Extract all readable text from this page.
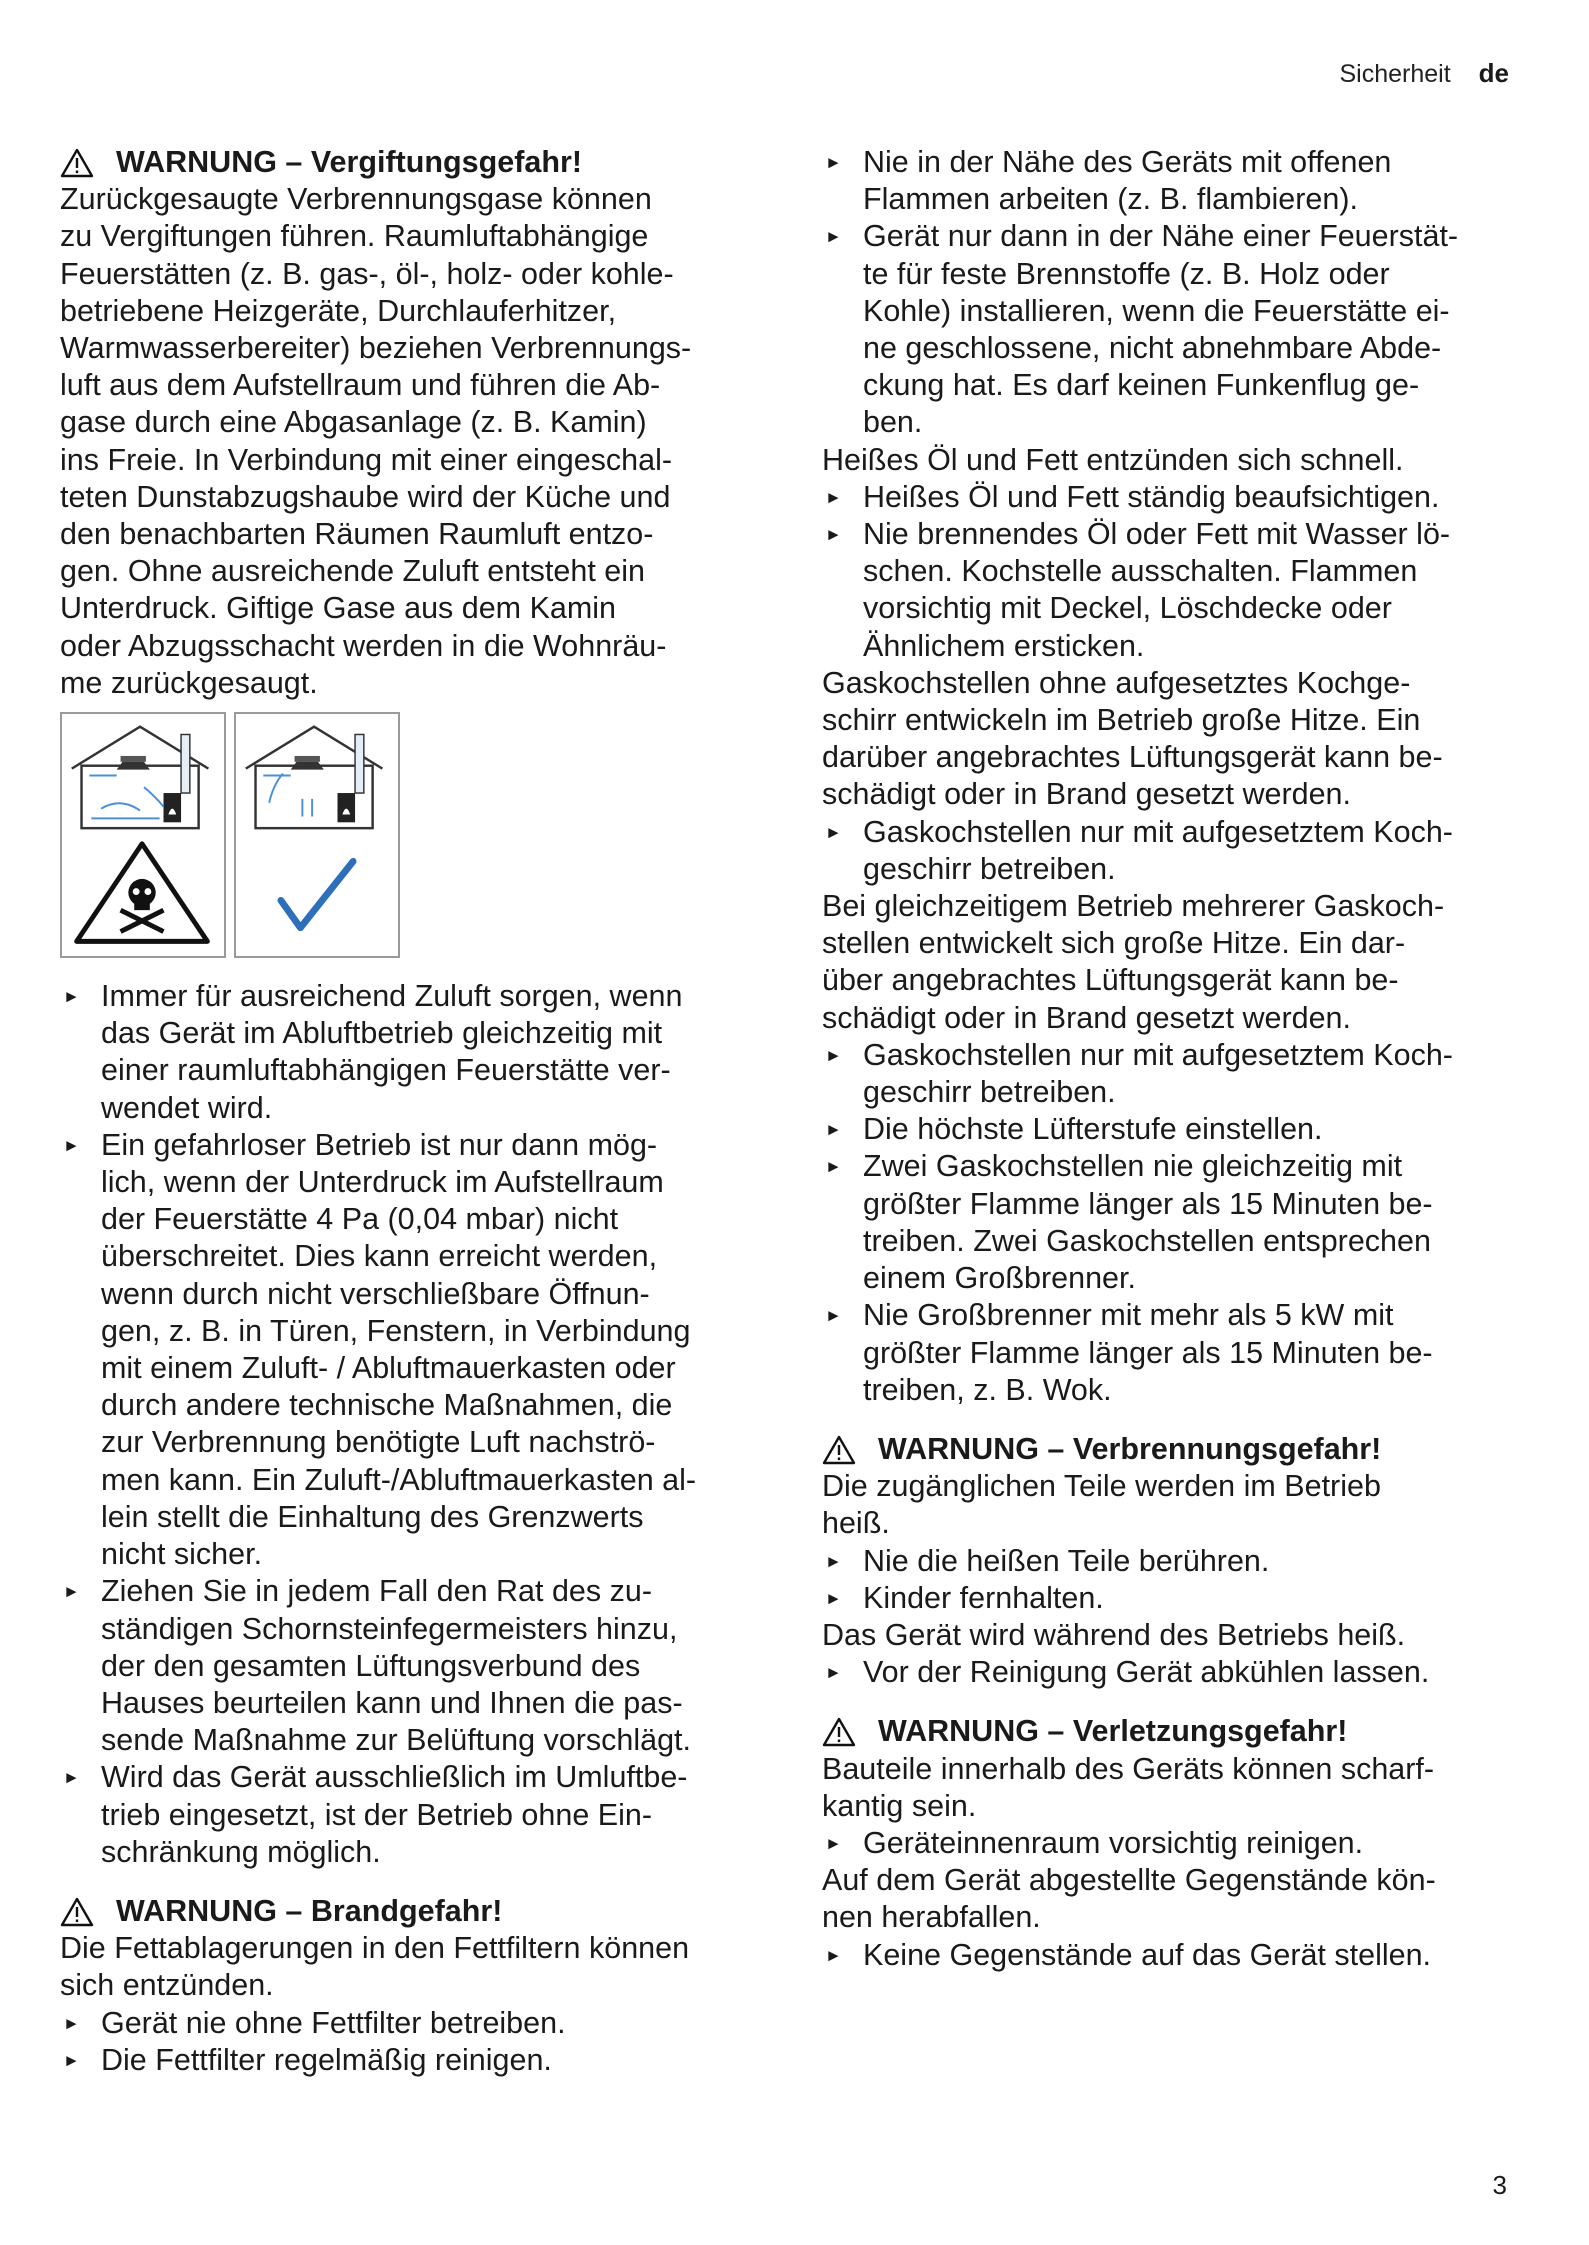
Sicherheit de
WARNUNG – Vergiftungsgefahr!

Zurückgesaugte Verbrennungsgase können
zu Vergiftungen führen. Raumluftabhängige
Feuerstätten (z. B. gas-, öl-, holz- oder kohle-
betriebene Heizgeräte, Durchlauferhitzer,
Warmwasserbereiter) beziehen Verbrennungs-
luft aus dem Aufstellraum und führen die Ab-
gase durch eine Abgasanlage (z. B. Kamin)
ins Freie. In Verbindung mit einer eingeschal-
teten Dunstabzugshaube wird der Küche und
den benachbarten Räumen Raumluft entzo-
gen. Ohne ausreichende Zuluft entsteht ein
Unterdruck. Giftige Gase aus dem Kamin
oder Abzugsschacht werden in die Wohnräu-
me zurückgesaugt.

► Immer für ausreichend Zuluft sorgen, wenn
das Gerät im Abluftbetrieb gleichzeitig mit
einer raumluftabhängigen Feuerstätte ver-
wendet wird.
► Ein gefahrloser Betrieb ist nur dann mög-
lich, wenn der Unterdruck im Aufstellraum
der Feuerstätte 4 Pa (0,04 mbar) nicht
überschreitet. Dies kann erreicht werden,
wenn durch nicht verschließbare Öffnun-
gen, z. B. in Türen, Fenstern, in Verbindung
mit einem Zuluft- / Abluftmauerkasten oder
durch andere technische Maßnahmen, die
zur Verbrennung benötigte Luft nachströ-
men kann. Ein Zuluft-/Abluftmauerkasten al-
lein stellt die Einhaltung des Grenzwerts
nicht sicher.
► Ziehen Sie in jedem Fall den Rat des zu-
ständigen Schornsteinfegermeisters hinzu,
der den gesamten Lüftungsverbund des
Hauses beurteilen kann und Ihnen die pas-
sende Maßnahme zur Belüftung vorschlägt.
► Wird das Gerät ausschließlich im Umluftbe-
trieb eingesetzt, ist der Betrieb ohne Ein-
schränkung möglich.
WARNUNG – Brandgefahr!

Die Fettablagerungen in den Fettfiltern können
sich entzünden.

► Gerät nie ohne Fettfilter betreiben.
► Die Fettfilter regelmäßig reinigen.
► Nie in der Nähe des Geräts mit offenen
Flammen arbeiten (z. B. flambieren).
► Gerät nur dann in der Nähe einer Feuerstät-
te für feste Brennstoffe (z. B. Holz oder
Kohle) installieren, wenn die Feuerstätte ei-
ne geschlossene, nicht abnehmbare Abde-
ckung hat. Es darf keinen Funkenflug ge-
ben.

Heißes Öl und Fett entzünden sich schnell.

► Heißes Öl und Fett ständig beaufsichtigen.
► Nie brennendes Öl oder Fett mit Wasser lö-
schen. Kochstelle ausschalten. Flammen
vorsichtig mit Deckel, Löschdecke oder
Ähnlichem ersticken.

Gaskochstellen ohne aufgesetztes Kochge-
schirr entwickeln im Betrieb große Hitze. Ein
darüber angebrachtes Lüftungsgerät kann be-
schädigt oder in Brand gesetzt werden.

► Gaskochstellen nur mit aufgesetztem Koch-
geschirr betreiben.

Bei gleichzeitigem Betrieb mehrerer Gaskoch-
stellen entwickelt sich große Hitze. Ein dar-
über angebrachtes Lüftungsgerät kann be-
schädigt oder in Brand gesetzt werden.

► Gaskochstellen nur mit aufgesetztem Koch-
geschirr betreiben.
► Die höchste Lüfterstufe einstellen.
► Zwei Gaskochstellen nie gleichzeitig mit
größter Flamme länger als 15 Minuten be-
treiben. Zwei Gaskochstellen entsprechen
einem Großbrenner.
► Nie Großbrenner mit mehr als 5 kW mit
größter Flamme länger als 15 Minuten be-
treiben, z. B. Wok.
WARNUNG – Verbrennungsgefahr!

Die zugänglichen Teile werden im Betrieb
heiß.

► Nie die heißen Teile berühren.
► Kinder fernhalten.

Das Gerät wird während des Betriebs heiß.

► Vor der Reinigung Gerät abkühlen lassen.
WARNUNG – Verletzungsgefahr!

Bauteile innerhalb des Geräts können scharf-
kantig sein.

► Geräteinnenraum vorsichtig reinigen.

Auf dem Gerät abgestellte Gegenstände kön-
nen herabfallen.

► Keine Gegenstände auf das Gerät stellen.
3
